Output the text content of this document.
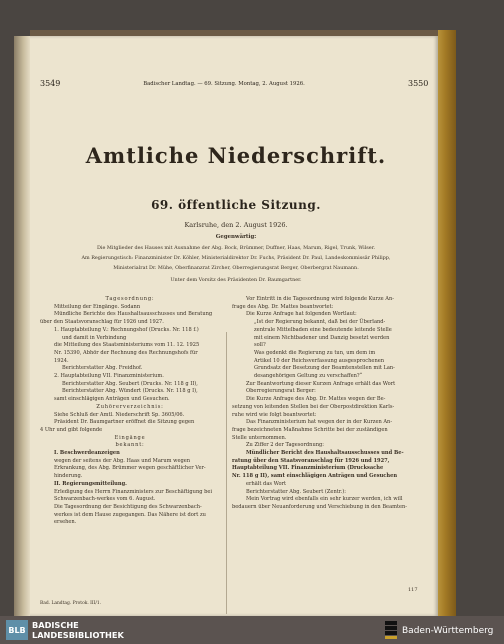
3549	Badischer Landtag. — 69. Sitzung. Montag, 2. August 1926.	3550
Amtliche Niederschrift.
69. öffentliche Sitzung.
Karlsruhe, den 2. August 1926.
Gegenwärtig:
Die Mitglieder des Hauses mit Ausnahme der Abg. Bock, Brümmer, Duffner, Haas, Marum, Rigel, Trunk, Wilser.
Am Regierungstisch: Finanzminister Dr. Köhler, Ministerialdirektor Dr. Fuchs, Präsident Dr. Paul, Landeskommissär Philipp,
Ministerialrat Dr. Mühe, Oberfinanzrat Zircher, Oberregierungsrat Berger, Oberbergrat Naumann.
Unter dem Vorsitz des Präsidenten Dr. Baumgartner.
Tagesordnung:
Mitteilung der Eingänge. Sodann
Mündliche Berichte des Haushaltsausschusses und Beratung
über den Staatsvoranschlag für 1926 und 1927.
1. Hauptabteilung V.: Rechnungshof (Drucks. Nr. 118 f.)
und damit in Verbindung
die Mitteilung des Staatsministeriums vom 11. 12. 1925
Nr. 15390, Abhör der Rechnung des Rechnungshofs für
1924.
Berichterstatter Abg. Freidhof.
2. Hauptabteilung VII. Finanzministerium.
Berichterstatter Abg. Seubert (Drucks. Nr. 118 g II),
Berichterstatter Abg. Wündert (Drucks. Nr. 118 g I),
samt einschlägigen Anträgen und Gesuchen.
Zuhörerverzeichnis:
Siehe Schluß der Amtl. Niederschrift Sp. 3605/06.
Präsident Dr. Baumgartner eröffnet die Sitzung gegen
4 Uhr und gibt folgende
Eingänge
bekannt:
I. Beschwerdeanzeigen
wegen der seitens der Abg. Haas und Marum wegen
Erkrankung, des Abg. Brümmer wegen geschäftlicher Ver-
hinderung.
II. Regierungsmitteilung.
Erledigung des Herrn Finanzministers zur Beschäftigung bei
Schwarzenbach-werkes vom 6. August.
Die Tagesordnung der Besichtigung des Schwarzenbach-
werkes ist dem Hause zugegangen. Das Nähere ist dort zu
ersehen.
Vor Eintritt in die Tagesordnung wird folgende Kurze An-
frage des Abg. Dr. Mattes beantwortet:
Die Kurze Anfrage hat folgenden Wortlaut:
„Ist der Regierung bekannt, daß bei der Überland-
zentrale Mittelbaden eine bedeutende leitende Stelle
mit einem Nichtbadener und Danzig besetzt werden
soll?
Was gedenkt die Regierung zu tun, um dem im
Artikel 10 der Reichsverfassung ausgesprochenen
Grundsatz der Besetzung der Beamtenstellen mit Lan-
desangehörigen Geltung zu verschaffen?“
Zur Beantwortung dieser Kurzen Anfrage erhält das Wort
Oberregierungsrat Berger:
Die Kurze Anfrage des Abg. Dr. Mattes wegen der Be-
setzung von leitenden Stellen bei der Oberpostdirektion Karls-
ruhe wird wie folgt beantwortet:
Das Finanzministerium hat wegen der in der Kurzen An-
frage bezeichneten Maßnahme Schritte bei der zuständigen
Stelle unternommen.
Zu Ziffer 2 der Tagesordnung:
Mündlicher Bericht des Haushaltsausschusses und Be-
ratung über den Staatsvoranschlag für 1926 und 1927,
Hauptabteilung VII. Finanzministerium (Drucksache
Nr. 118 g II), samt einschlägigen Anträgen und Gesuchen
erhält das Wort
Berichterstatter Abg. Seubert (Zentr.):
Mein Vortrag wird ebenfalls ein sehr kurzer werden, ich will
bedauern über Neuanforderung und Verschiebung in den Beamten-
Bad. Landtag. Protok. III/1.
117
BLB BADISCHE
LANDESBIBLIOTHEK	Baden-Württemberg
